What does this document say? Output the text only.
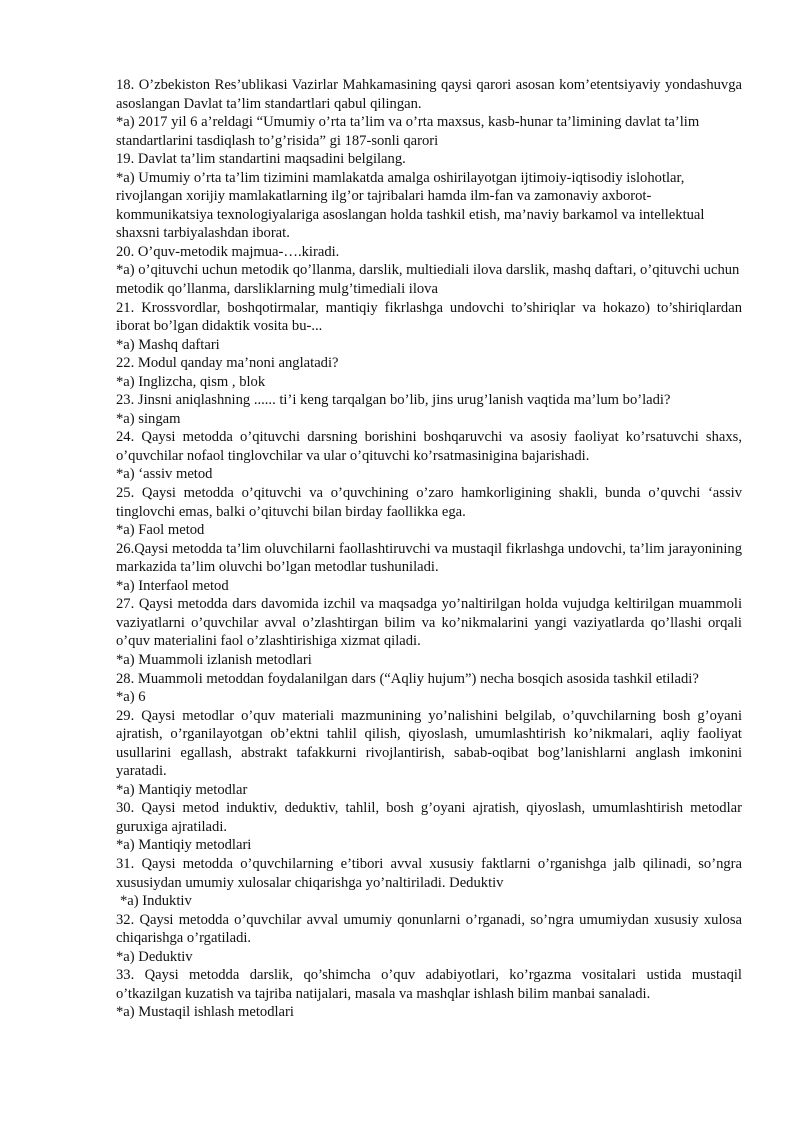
18. O’zbekiston Res’ublikasi Vazirlar Mahkamasining qaysi qarori asosan kom’etentsiyaviy yondashuvga asoslangan Davlat ta’lim standartlari qabul qilingan.

*a) 2017 yil 6 a’reldagi “Umumiy o’rta ta’lim va o’rta maxsus, kasb-hunar ta’limining davlat ta’lim standartlarini tasdiqlash to’g’risida” gi 187-sonli qarori

19. Davlat ta’lim standartini maqsadini belgilang.

*a) Umumiy o’rta ta’lim tizimini mamlakatda amalga oshirilayotgan ijtimoiy-iqtisodiy islohotlar, rivojlangan xorijiy mamlakatlarning ilg’or tajribalari hamda ilm-fan va zamonaviy axborot-kommunikatsiya texnologiyalariga asoslangan holda tashkil etish, ma’naviy barkamol va intellektual shaxsni tarbiyalashdan iborat.

20. O’quv-metodik majmua-….kiradi.

*a) o’qituvchi uchun metodik qo’llanma, darslik, multiediali ilova darslik, mashq daftari, o’qituvchi uchun metodik qo’llanma, darsliklarning mulg’timediali ilova

21. Krossvordlar, boshqotirmalar, mantiqiy fikrlashga undovchi to’shiriqlar va hokazo) to’shiriqlardan iborat bo’lgan didaktik vosita bu-...

*a) Mashq daftari

22. Modul qanday ma’noni anglatadi?

*a) Inglizcha, qism , blok

23. Jinsni aniqlashning ...... ti’i keng tarqalgan bo’lib, jins urug’lanish vaqtida ma’lum bo’ladi?

*a) singam

24. Qaysi metodda o’qituvchi darsning borishini boshqaruvchi va asosiy faoliyat ko’rsatuvchi shaxs, o’quvchilar nofaol tinglovchilar va ular o’qituvchi ko’rsatmasinigina bajarishadi.

*a) ‘assiv metod

25. Qaysi metodda o’qituvchi va o’quvchining o’zaro hamkorligining shakli, bunda o’quvchi ‘assiv tinglovchi emas, balki o’qituvchi bilan birday faollikka ega.

*a) Faol metod

26.Qaysi metodda ta’lim oluvchilarni faollashtiruvchi va mustaqil fikrlashga undovchi, ta’lim jarayonining markazida ta’lim oluvchi bo’lgan metodlar tushuniladi.

*a) Interfaol metod

27. Qaysi metodda dars davomida izchil va maqsadga yo’naltirilgan holda vujudga keltirilgan muammoli vaziyatlarni o’quvchilar avval o’zlashtirgan bilim va ko’nikmalarini yangi vaziyatlarda qo’llashi orqali o’quv materialini faol o’zlashtirishiga xizmat qiladi.

*a) Muammoli izlanish metodlari

28. Muammoli metoddan foydalanilgan dars (“Aqliy hujum”) necha bosqich asosida tashkil etiladi?

*a) 6

29. Qaysi metodlar o’quv materiali mazmunining yo’nalishini belgilab, o’quvchilarning bosh g’oyani ajratish, o’rganilayotgan ob’ektni tahlil qilish, qiyoslash, umumlashtirish ko’nikmalari, aqliy faoliyat usullarini egallash, abstrakt tafakkurni rivojlantirish, sabab-oqibat bog’lanishlarni anglash imkonini yaratadi.

*a) Mantiqiy metodlar

30. Qaysi metod induktiv, deduktiv, tahlil, bosh g’oyani ajratish, qiyoslash, umumlashtirish metodlar guruxiga ajratiladi.

*a) Mantiqiy metodlari

31. Qaysi metodda o’quvchilarning e’tibori avval xususiy faktlarni o’rganishga jalb qilinadi, so’ngra xususiydan umumiy xulosalar chiqarishga yo’naltiriladi. Deduktiv

*a) Induktiv

32. Qaysi metodda o’quvchilar avval umumiy qonunlarni o’rganadi, so’ngra umumiydan xususiy xulosa chiqarishga o’rgatiladi.

*a) Deduktiv

33. Qaysi metodda darslik, qo’shimcha o’quv adabiyotlari, ko’rgazma vositalari ustida mustaqil o’tkazilgan kuzatish va tajriba natijalari, masala va mashqlar ishlash bilim manbai sanaladi.

*a) Mustaqil ishlash metodlari
